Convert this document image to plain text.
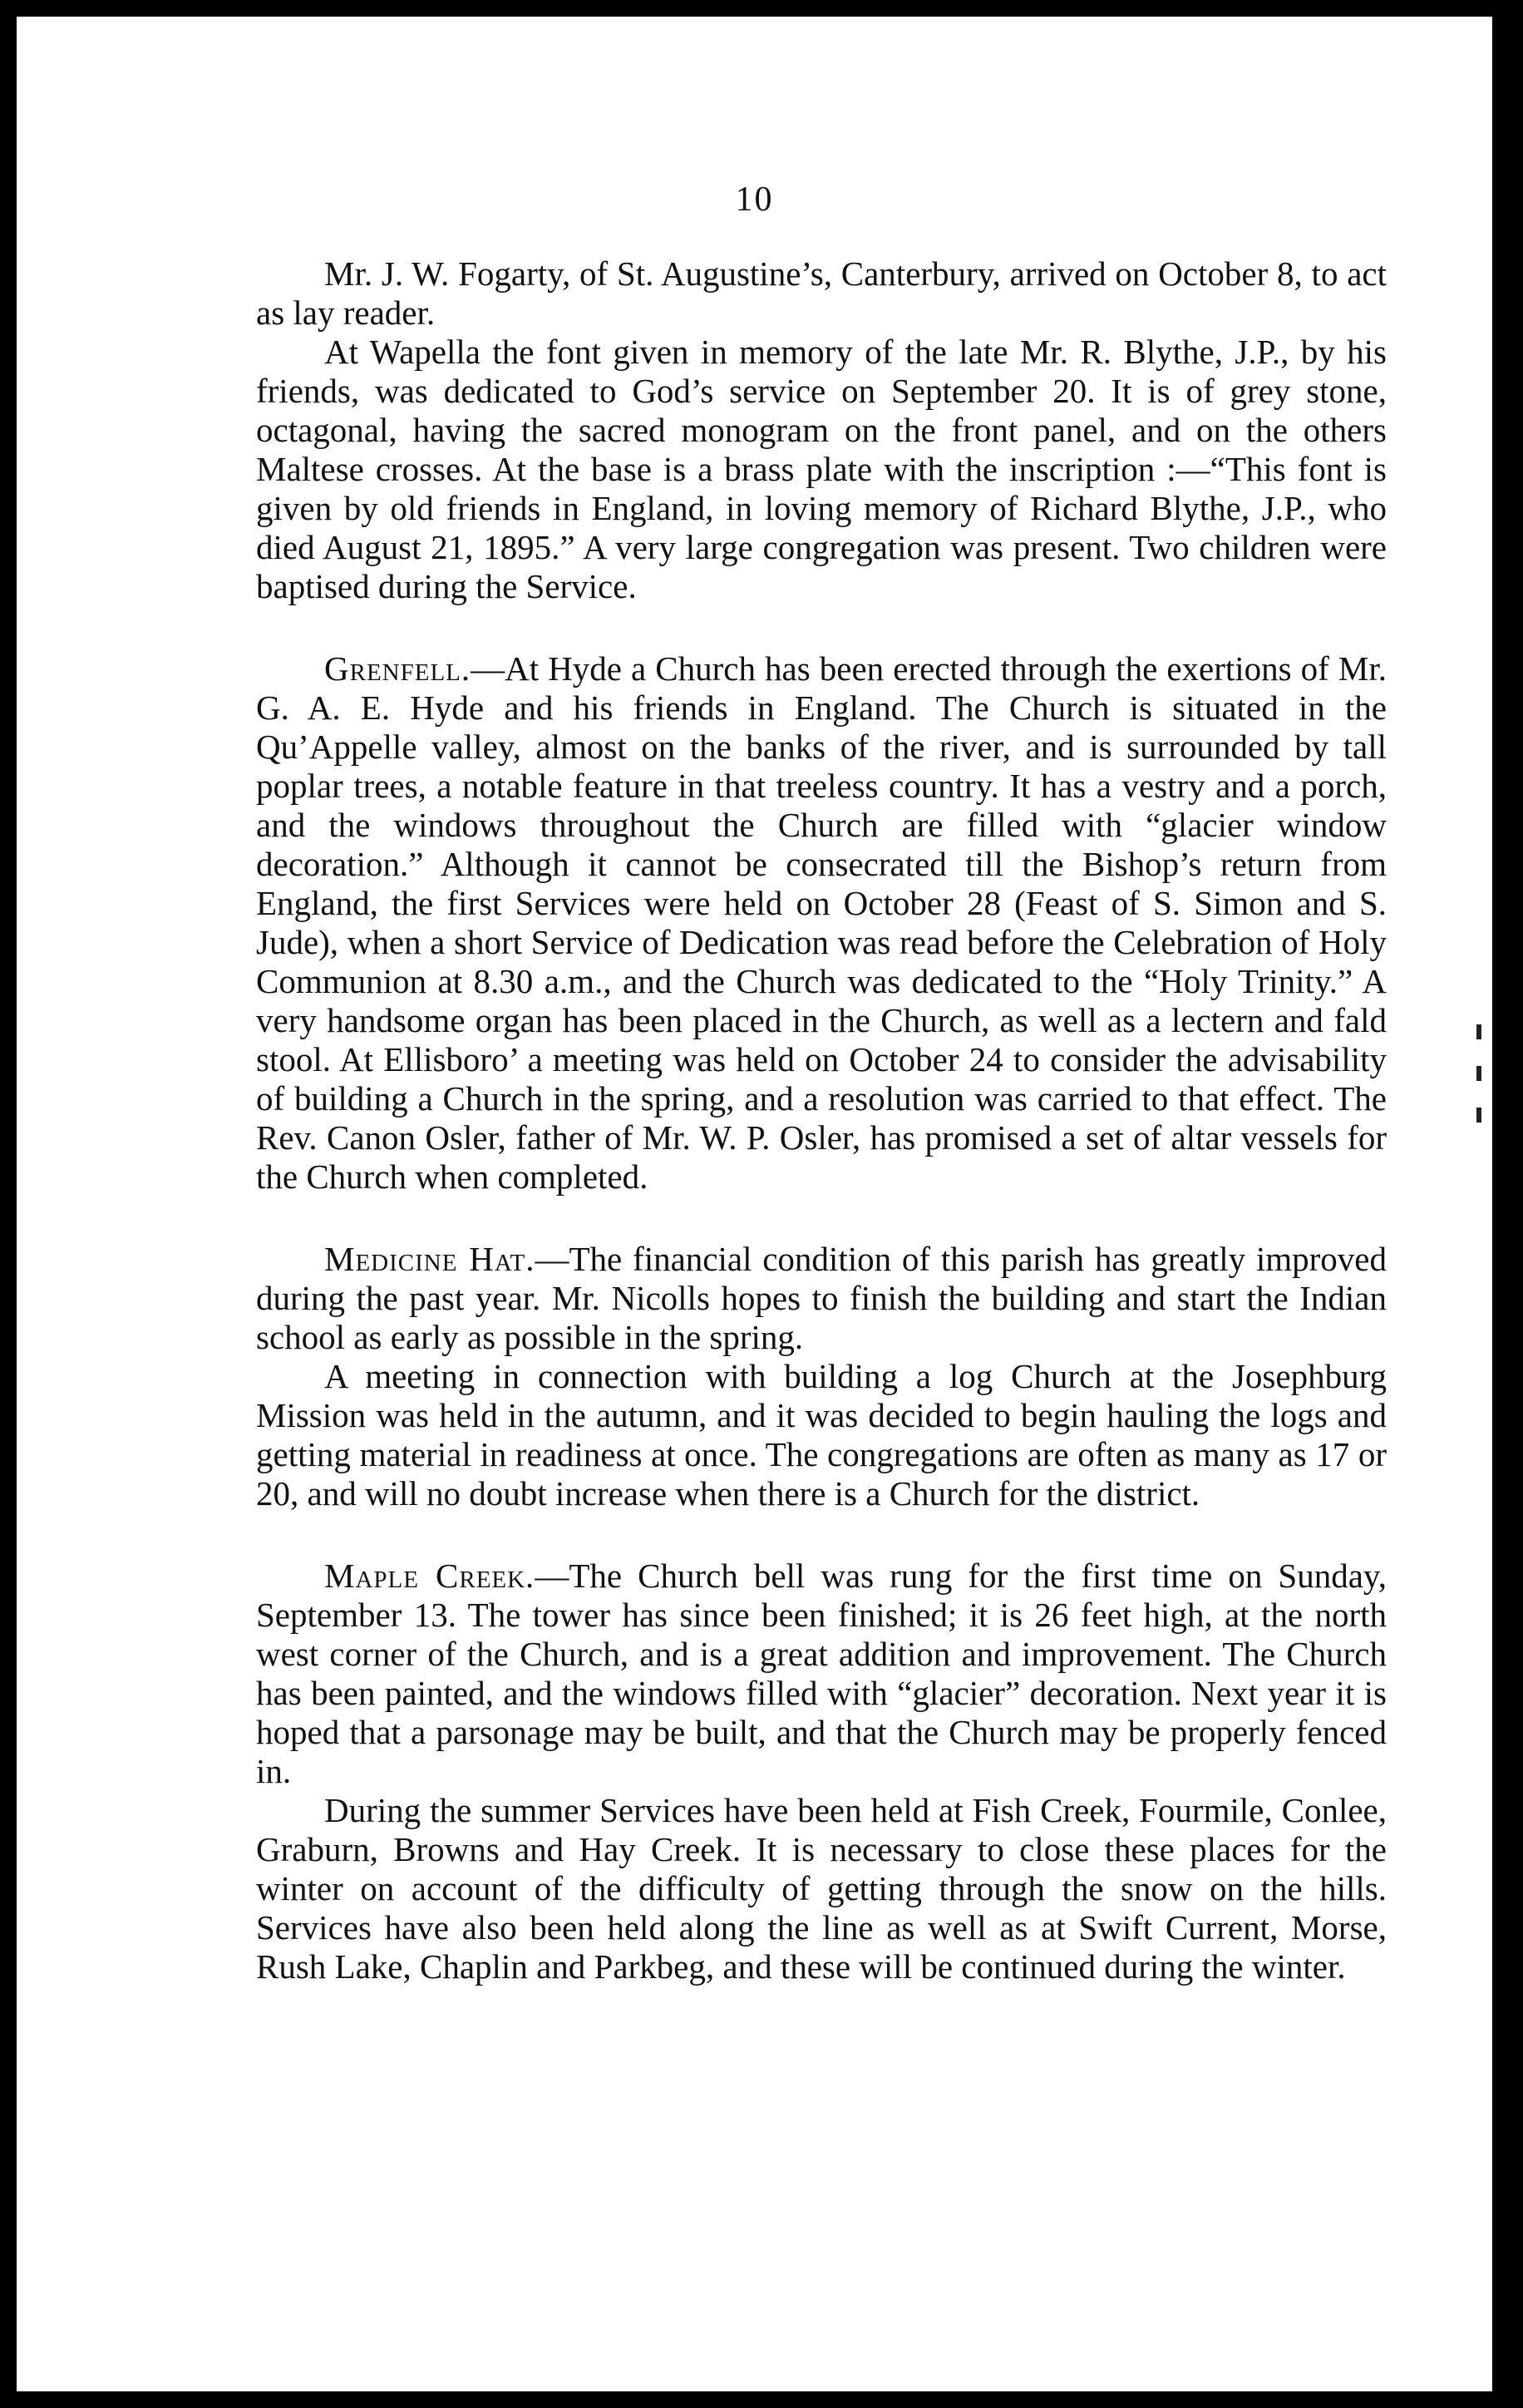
10

Mr. J. W. Fogarty, of St. Augustine’s, Canterbury, arrived on October 8, to act as lay reader.

At Wapella the font given in memory of the late Mr. R. Blythe, J.P., by his friends, was dedicated to God’s service on September 20. It is of grey stone, octagonal, having the sacred monogram on the front panel, and on the others Maltese crosses. At the base is a brass plate with the inscription :—“This font is given by old friends in England, in loving memory of Richard Blythe, J.P., who died August 21, 1895.” A very large congregation was present. Two children were baptised during the Service.

Grenfell.—At Hyde a Church has been erected through the exertions of Mr. G. A. E. Hyde and his friends in England. The Church is situated in the Qu’Appelle valley, almost on the banks of the river, and is surrounded by tall poplar trees, a notable feature in that treeless country. It has a vestry and a porch, and the windows throughout the Church are filled with “glacier window decoration.” Although it cannot be consecrated till the Bishop’s return from England, the first Services were held on October 28 (Feast of S. Simon and S. Jude), when a short Service of Dedication was read before the Celebration of Holy Communion at 8.30 a.m., and the Church was dedicated to the “Holy Trinity.” A very handsome organ has been placed in the Church, as well as a lectern and fald stool. At Ellisboro’ a meeting was held on October 24 to consider the advisability of building a Church in the spring, and a resolution was carried to that effect. The Rev. Canon Osler, father of Mr. W. P. Osler, has promised a set of altar vessels for the Church when completed.

Medicine Hat.—The financial condition of this parish has greatly improved during the past year. Mr. Nicolls hopes to finish the building and start the Indian school as early as possible in the spring.

A meeting in connection with building a log Church at the Josephburg Mission was held in the autumn, and it was decided to begin hauling the logs and getting material in readiness at once. The congregations are often as many as 17 or 20, and will no doubt increase when there is a Church for the district.

Maple Creek.—The Church bell was rung for the first time on Sunday, September 13. The tower has since been finished; it is 26 feet high, at the north west corner of the Church, and is a great addition and improvement. The Church has been painted, and the windows filled with “glacier” decoration. Next year it is hoped that a parsonage may be built, and that the Church may be properly fenced in.

During the summer Services have been held at Fish Creek, Fourmile, Conlee, Graburn, Browns and Hay Creek. It is necessary to close these places for the winter on account of the difficulty of getting through the snow on the hills. Services have also been held along the line as well as at Swift Current, Morse, Rush Lake, Chaplin and Parkbeg, and these will be continued during the winter.
